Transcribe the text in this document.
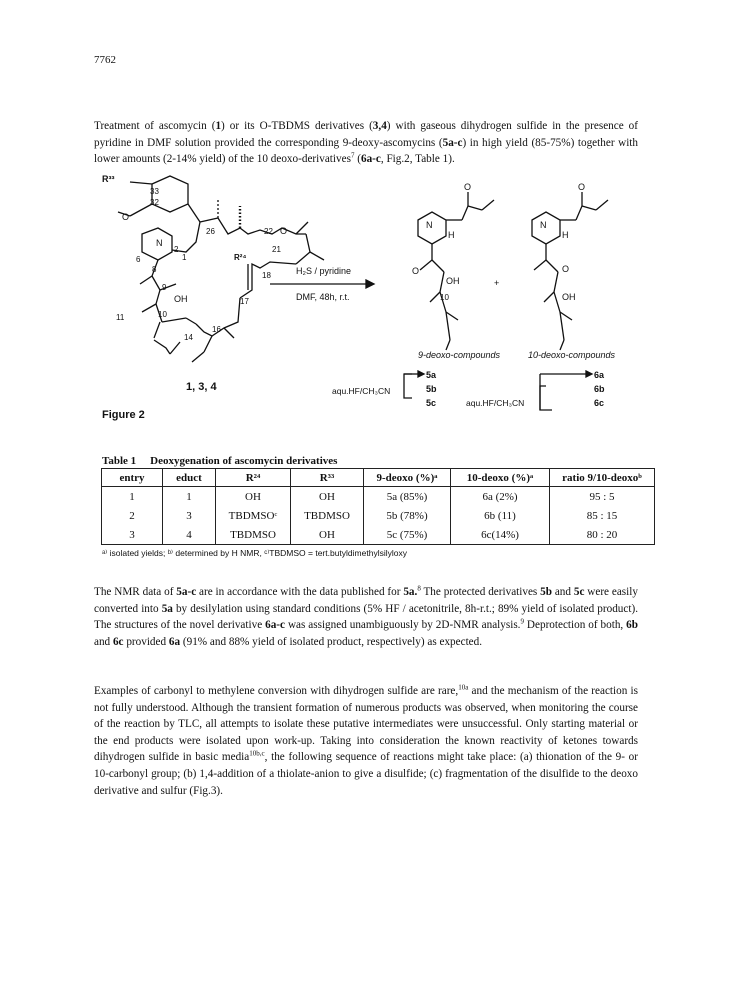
7762

Treatment of ascomycin (1) or its O-TBDMS derivatives (3,4) with gaseous dihydrogen sulfide in the presence of pyridine in DMF solution provided the corresponding 9-deoxy-ascomycins (5a-c) in high yield (85-75%) together with lower amounts (2-14% yield) of the 10 deoxo-derivatives$^7$ (6a-c, Fig.2, Table 1).

R³³
33
32
O
26	22 O
21
R²⁴
18
17
16
14
10
11
6
N
1
2
8
9
OH
H₂S / pyridine
DMF, 48h, r.t.
1, 3, 4
Figure 2
N
H
O
O
OH
10
+
9-deoxo-compounds
N
H
O
O
OH
10-deoxo-compounds
aqu.HF/CH₃CN
5a
5b
5c	aqu.HF/CH₃CN
6a
6b
6c
Table 1 Deoxygenation of ascomycin derivatives
entry	educt	R²⁴	R³³	9-deoxo (%)ᵃ	10-deoxo (%)ᵃ	ratio 9/10-deoxoᵇ
1	1	OH	OH	5a (85%)	6a (2%)	95 : 5
2	3	TBDMSOᶜ	TBDMSO	5b (78%)	6b (11)	85 : 15
3	4	TBDMSO	OH	5c (75%)	6c(14%)	80 : 20
ᵃ⁾ isolated yields; ᵇ⁾ determined by H NMR, ᶜ⁾TBDMSO = tert.butyldimethylsilyloxy

The NMR data of 5a-c are in accordance with the data published for 5a.$^8$ The protected derivatives 5b and 5c were easily converted into 5a by desilylation using standard conditions (5% HF / acetonitrile, 8h-r.t.; 89% yield of isolated product). The structures of the novel derivative 6a-c was assigned unambiguously by 2D-NMR analysis.$^9$ Deprotection of both, 6b and 6c provided 6a (91% and 88% yield of isolated product, respectively) as expected.

Examples of carbonyl to methylene conversion with dihydrogen sulfide are rare,$^{10a}$ and the mechanism of the reaction is not fully understood. Although the transient formation of numerous products was observed, when monitoring the course of the reaction by TLC, all attempts to isolate these putative intermediates were unsuccessful. Only starting material or the end products were isolated upon work-up. Taking into consideration the known reactivity of ketones towards dihydrogen sulfide in basic media$^{10b,c}$, the following sequence of reactions might take place: (a) thionation of the 9- or 10-carbonyl group; (b) 1,4-addition of a thiolate-anion to give a disulfide; (c) fragmentation of the disulfide to the deoxo derivative and sulfur (Fig.3).
